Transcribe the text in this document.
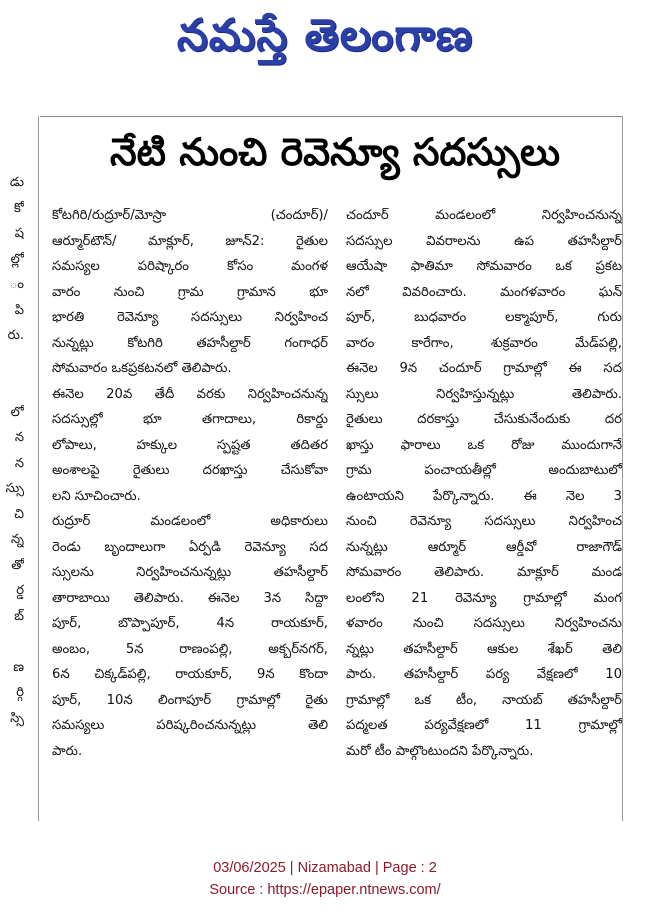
నమస్తే తెలంగాణ
నేటి నుంచి రెవెన్యూ సదస్సులు
డు
కో
ష
ల్లో
ం
పి
రు.

లో
న
న
స్సు
చి
న్న
తో
ర్డ
బ్

ణ
ర్గి
స్సి
కోటగిరి/రుద్రూర్/మోస్రా (చందూర్)/
ఆర్మూర్‌టౌన్/ మాక్లూర్, జూన్2: రైతుల
సమస్యల పరిష్కారం కోసం మంగళ
వారం నుంచి గ్రామ గ్రామాన భూ
భారతి రెవెన్యూ సదస్సులు నిర్వహించ
నున్నట్లు కోటగిరి తహసీల్దార్ గంగాధర్
సోమవారం ఒకప్రకటనలో తెలిపారు.
ఈనెల 20వ తేదీ వరకు నిర్వహించనున్న
సదస్సుల్లో భూ తగాదాలు, రికార్డు
లోపాలు, హక్కుల స్పష్టత తదితర
అంశాలపై రైతులు దరఖాస్తు చేసుకోవా
లని సూచించారు.
రుద్రూర్ మండలంలో అధికారులు
రెండు బృందాలుగా ఏర్పడి రెవెన్యూ సద
స్సులను నిర్వహించనున్నట్లు తహసీల్దార్
తారాబాయి తెలిపారు. ఈనెల 3న సిద్దా
పూర్, బొప్పాపూర్, 4న రాయకూర్,
అంబం, 5న రాణంపల్లి, అక్బర్‌నగర్,
6న చిక్కడ్‌పల్లి, రాయకూర్, 9న కొందా
పూర్, 10న లింగాపూర్ గ్రామాల్లో రైతు
సమస్యలు పరిష్కరించనున్నట్లు తెలి
పారు.
చందూర్ మండలంలో నిర్వహించనున్న
సదస్సుల వివరాలను ఉప తహసీల్దార్
ఆయేషా ఫాతిమా సోమవారం ఒక ప్రకట
నలో వివరించారు. మంగళవారం ఘన్
పూర్, బుధవారం లక్మాపూర్, గురు
వారం కారేగాం, శుక్రవారం మేడ్‌పల్లి,
ఈనెల 9న చందూర్ గ్రామాల్లో ఈ సద
స్సులు నిర్వహిస్తున్నట్లు తెలిపారు.
రైతులు దరకాస్తు చేసుకునేందుకు దర
ఖాస్తు ఫారాలు ఒక రోజు ముందుగానే
గ్రామ పంచాయతీల్లో అందుబాటులో
ఉంటాయని పేర్కొన్నారు. ఈ నెల 3
నుంచి రెవెన్యూ సదస్సులు నిర్వహించ
నున్నట్లు ఆర్మూర్ ఆర్డీవో రాజాగౌడ్
సోమవారం తెలిపారు. మాక్లూర్ మండ
లంలోని 21 రెవెన్యూ గ్రామాల్లో మంగ
ళవారం నుంచి సదస్సులు నిర్వహించను
న్నట్లు తహసీల్దార్ ఆకుల శేఖర్ తెలి
పారు. తహసీల్దార్ పర్య వేక్షణలో 10
గ్రామాల్లో ఒక టీం, నాయబ్ తహసీల్దార్
పద్మలత పర్యవేక్షణలో 11 గ్రామాల్లో
మరో టీం పాల్గొంటుందని పేర్కొన్నారు.
03/06/2025 | Nizamabad | Page : 2
Source : https://epaper.ntnews.com/
